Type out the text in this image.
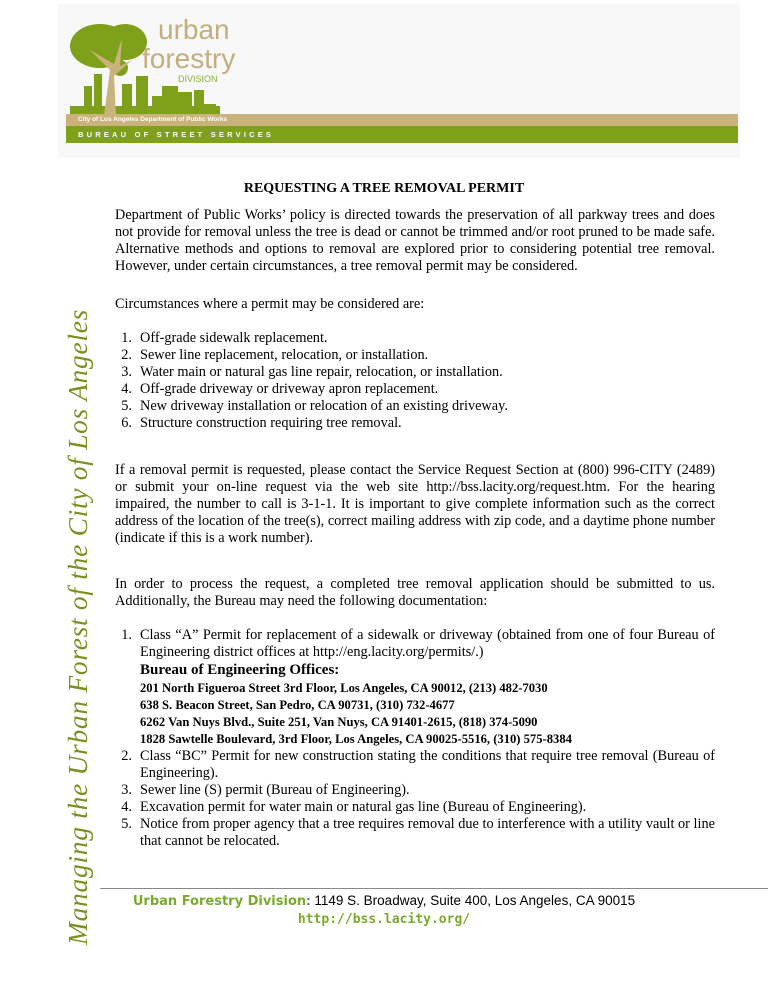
urban
forestry
DIVISION
City of Los Angeles Department of Public Works
BUREAU OF STREET SERVICES
Managing the Urban Forest of the City of Los Angeles
REQUESTING A TREE REMOVAL PERMIT
Department of Public Works’ policy is directed towards the preservation of all parkway trees and does not provide for removal unless the tree is dead or cannot be trimmed and/or root pruned to be made safe. Alternative methods and options to removal are explored prior to considering potential tree removal. However, under certain circumstances, a tree removal permit may be considered.
Circumstances where a permit may be considered are:
1. Off-grade sidewalk replacement.
2. Sewer line replacement, relocation, or installation.
3. Water main or natural gas line repair, relocation, or installation.
4. Off-grade driveway or driveway apron replacement.
5. New driveway installation or relocation of an existing driveway.
6. Structure construction requiring tree removal.
If a removal permit is requested, please contact the Service Request Section at (800) 996-CITY (2489) or submit your on-line request via the web site http://bss.lacity.org/request.htm. For the hearing impaired, the number to call is 3-1-1. It is important to give complete information such as the correct address of the location of the tree(s), correct mailing address with zip code, and a daytime phone number (indicate if this is a work number).
In order to process the request, a completed tree removal application should be submitted to us. Additionally, the Bureau may need the following documentation:
1. Class “A” Permit for replacement of a sidewalk or driveway (obtained from one of four Bureau of Engineering district offices at http://eng.lacity.org/permits/.)
Bureau of Engineering Offices:
201 North Figueroa Street 3rd Floor, Los Angeles, CA 90012, (213) 482-7030
638 S. Beacon Street, San Pedro, CA 90731, (310) 732-4677
6262 Van Nuys Blvd., Suite 251, Van Nuys, CA 91401-2615, (818) 374-5090
1828 Sawtelle Boulevard, 3rd Floor, Los Angeles, CA 90025-5516, (310) 575-8384
2. Class “BC” Permit for new construction stating the conditions that require tree removal (Bureau of Engineering).
3. Sewer line (S) permit (Bureau of Engineering).
4. Excavation permit for water main or natural gas line (Bureau of Engineering).
5. Notice from proper agency that a tree requires removal due to interference with a utility vault or line that cannot be relocated.
Urban Forestry Division: 1149 S. Broadway, Suite 400, Los Angeles, CA 90015
http://bss.lacity.org/
